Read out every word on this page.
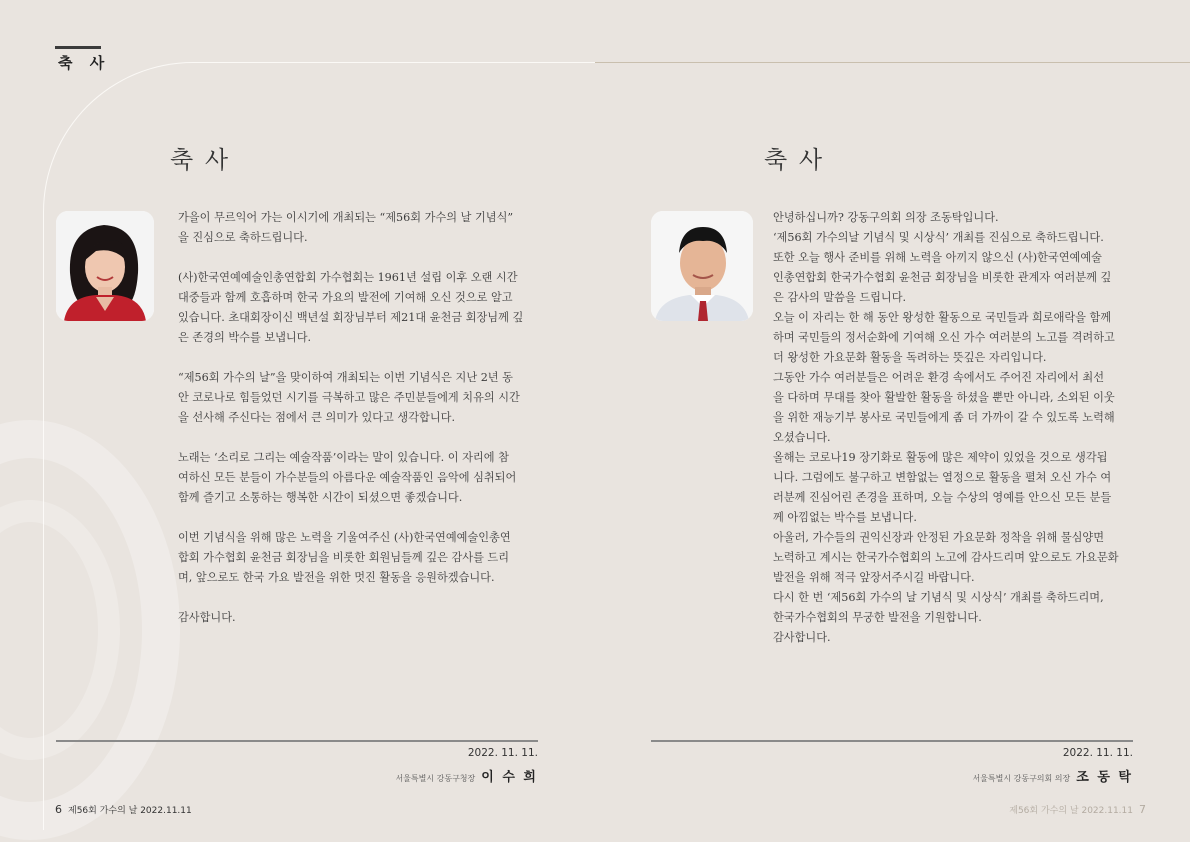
축 사
축 사

가을이 무르익어 가는 이시기에 개최되는 “제56회 가수의 날 기념식”

을 진심으로 축하드립니다.

(사)한국연예예술인총연합회 가수협회는 1961년 설립 이후 오랜 시간

대중들과 함께 호흡하며 한국 가요의 발전에 기여해 오신 것으로 알고

있습니다. 초대회장이신 백년설 회장님부터 제21대 윤천금 회장님께 깊

은 존경의 박수를 보냅니다.

“제56회 가수의 날”을 맞이하여 개최되는 이번 기념식은 지난 2년 동

안 코로나로 힘들었던 시기를 극복하고 많은 주민분들에게 치유의 시간

을 선사해 주신다는 점에서 큰 의미가 있다고 생각합니다.

노래는 ‘소리로 그리는 예술작품’이라는 말이 있습니다. 이 자리에 참

여하신 모든 분들이 가수분들의 아름다운 예술작품인 음악에 심취되어

함께 즐기고 소통하는 행복한 시간이 되셨으면 좋겠습니다.

이번 기념식을 위해 많은 노력을 기울여주신 (사)한국연예예술인총연

합회 가수협회 윤천금 회장님을 비롯한 회원님들께 깊은 감사를 드리

며, 앞으로도 한국 가요 발전을 위한 멋진 활동을 응원하겠습니다.

감사합니다.

2022. 11. 11.
서울특별시 강동구청장 이 수 희
축 사

안녕하십니까? 강동구의회 의장 조동탁입니다.

‘제56회 가수의날 기념식 및 시상식’ 개최를 진심으로 축하드립니다.

또한 오늘 행사 준비를 위해 노력을 아끼지 않으신 (사)한국연예예술

인총연합회 한국가수협회 윤천금 회장님을 비롯한 관계자 여러분께 깊

은 감사의 말씀을 드립니다.

오늘 이 자리는 한 해 동안 왕성한 활동으로 국민들과 희로애락을 함께

하며 국민들의 정서순화에 기여해 오신 가수 여러분의 노고를 격려하고

더 왕성한 가요문화 활동을 독려하는 뜻깊은 자리입니다.

그동안 가수 여러분들은 어려운 환경 속에서도 주어진 자리에서 최선

을 다하며 무대를 찾아 활발한 활동을 하셨을 뿐만 아니라, 소외된 이웃

을 위한 재능기부 봉사로 국민들에게 좀 더 가까이 갈 수 있도록 노력해

오셨습니다.

올해는 코로나19 장기화로 활동에 많은 제약이 있었을 것으로 생각됩

니다. 그럼에도 불구하고 변함없는 열정으로 활동을 펼쳐 오신 가수 여

러분께 진심어린 존경을 표하며, 오늘 수상의 영예를 안으신 모든 분들

께 아낌없는 박수를 보냅니다.

아울러, 가수들의 권익신장과 안정된 가요문화 정착을 위해 물심양면

노력하고 계시는 한국가수협회의 노고에 감사드리며 앞으로도 가요문화

발전을 위해 적극 앞장서주시길 바랍니다.

다시 한 번 ‘제56회 가수의 날 기념식 및 시상식’ 개최를 축하드리며,

한국가수협회의 무궁한 발전을 기원합니다.

감사합니다.

2022. 11. 11.
서울특별시 강동구의회 의장 조 동 탁
6 제56회 가수의 날 2022.11.11	제56회 가수의 날 2022.11.11 7
